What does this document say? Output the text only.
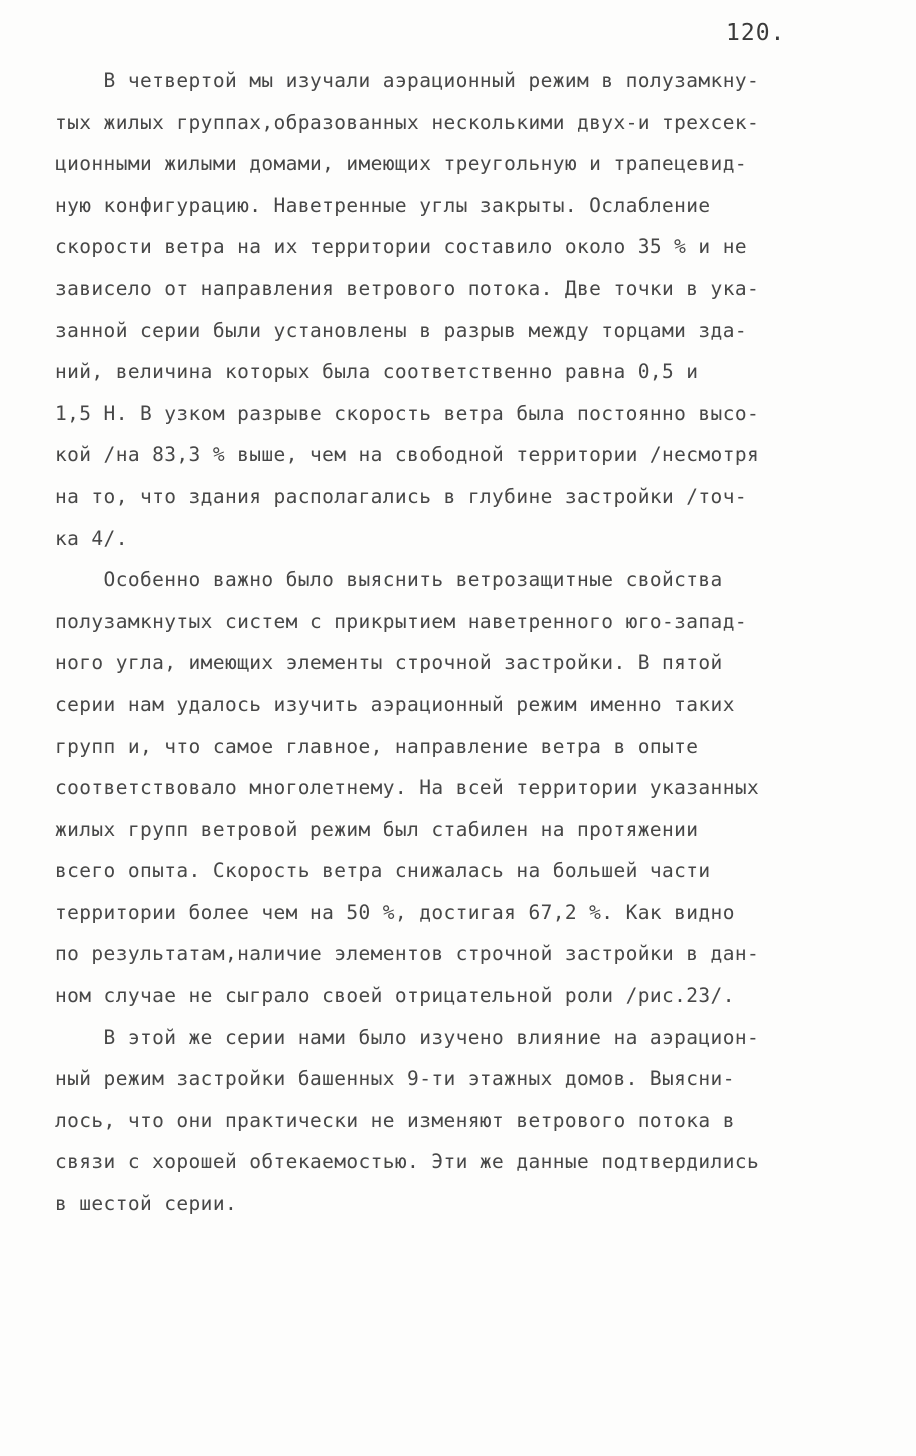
120.
В четвертой мы изучали аэрационный режим в полузамкну-
тых жилых группах,образованных несколькими двух-и трехсек-
ционными жилыми домами, имеющих треугольную и трапецевид-
ную конфигурацию. Наветренные углы закрыты. Ослабление
скорости ветра на их территории составило около 35 % и не
зависело от направления ветрового потока. Две точки в ука-
занной серии были установлены в разрыв между торцами зда-
ний, величина которых была соответственно равна 0,5 и
1,5 Н. В узком разрыве скорость ветра была постоянно высо-
кой /на 83,3 % выше, чем на свободной территории /несмотря
на то, что здания располагались в глубине застройки /точ-
ка 4/.
Особенно важно было выяснить ветрозащитные свойства
полузамкнутых систем с прикрытием наветренного юго-запад-
ного угла, имеющих элементы строчной застройки. В пятой
серии нам удалось изучить аэрационный режим именно таких
групп и, что самое главное, направление ветра в опыте
соответствовало многолетнему. На всей территории указанных
жилых групп ветровой режим был стабилен на протяжении
всего опыта. Скорость ветра снижалась на большей части
территории более чем на 50 %, достигая 67,2 %. Как видно
по результатам,наличие элементов строчной застройки в дан-
ном случае не сыграло своей отрицательной роли /рис.23/.
В этой же серии нами было изучено влияние на аэрацион-
ный режим застройки башенных 9-ти этажных домов. Выясни-
лось, что они практически не изменяют ветрового потока в
связи с хорошей обтекаемостью. Эти же данные подтвердились
в шестой серии.
